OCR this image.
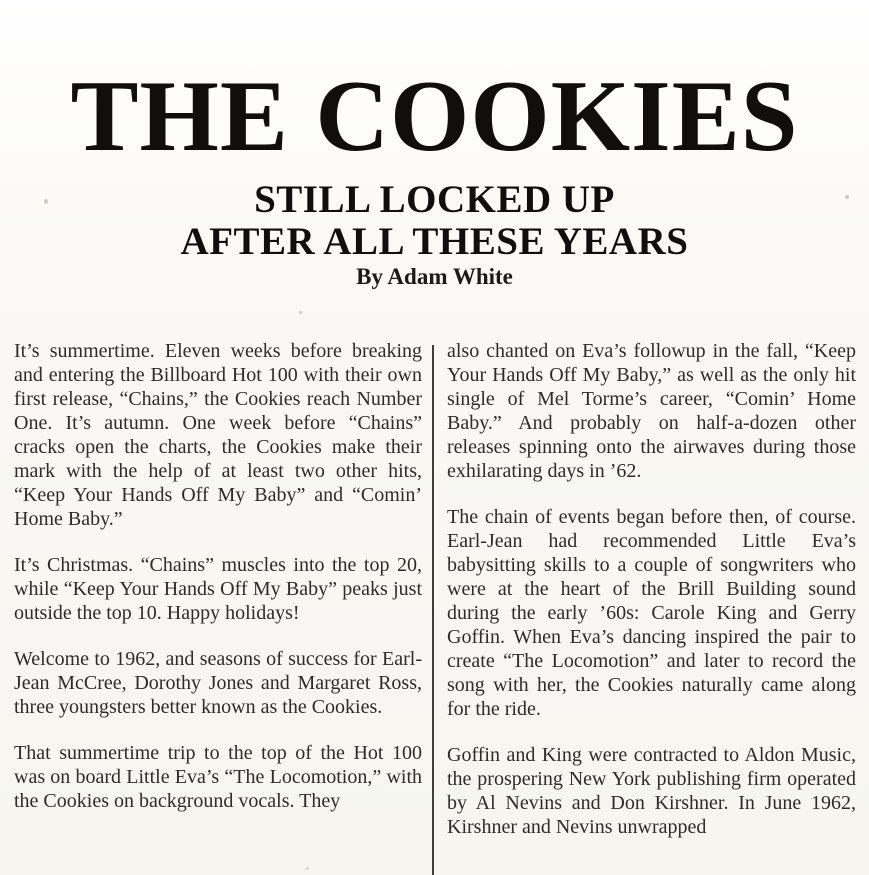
THE COOKIES
STILL LOCKED UP
AFTER ALL THESE YEARS
By Adam White

It’s summertime. Eleven weeks before breaking and entering the Billboard Hot 100 with their own first release, “Chains,” the Cookies reach Number One. It’s autumn. One week before “Chains” cracks open the charts, the Cookies make their mark with the help of at least two other hits, “Keep Your Hands Off My Baby” and “Comin’ Home Baby.”

It’s Christmas. “Chains” muscles into the top 20, while “Keep Your Hands Off My Baby” peaks just outside the top 10. Happy holidays!

Welcome to 1962, and seasons of success for Earl-Jean McCree, Dorothy Jones and Margaret Ross, three youngsters better known as the Cookies.

That summertime trip to the top of the Hot 100 was on board Little Eva’s “The Locomotion,” with the Cookies on background vocals. They

also chanted on Eva’s followup in the fall, “Keep Your Hands Off My Baby,” as well as the only hit single of Mel Torme’s career, “Comin’ Home Baby.” And probably on half-a-dozen other releases spinning onto the airwaves during those exhilarating days in ’62.

The chain of events began before then, of course. Earl-Jean had recommended Little Eva’s babysitting skills to a couple of songwriters who were at the heart of the Brill Building sound during the early ’60s: Carole King and Gerry Goffin. When Eva’s dancing inspired the pair to create “The Locomotion” and later to record the song with her, the Cookies naturally came along for the ride.

Goffin and King were contracted to Aldon Music, the prospering New York publishing firm operated by Al Nevins and Don Kirshner. In June 1962, Kirshner and Nevins unwrapped
